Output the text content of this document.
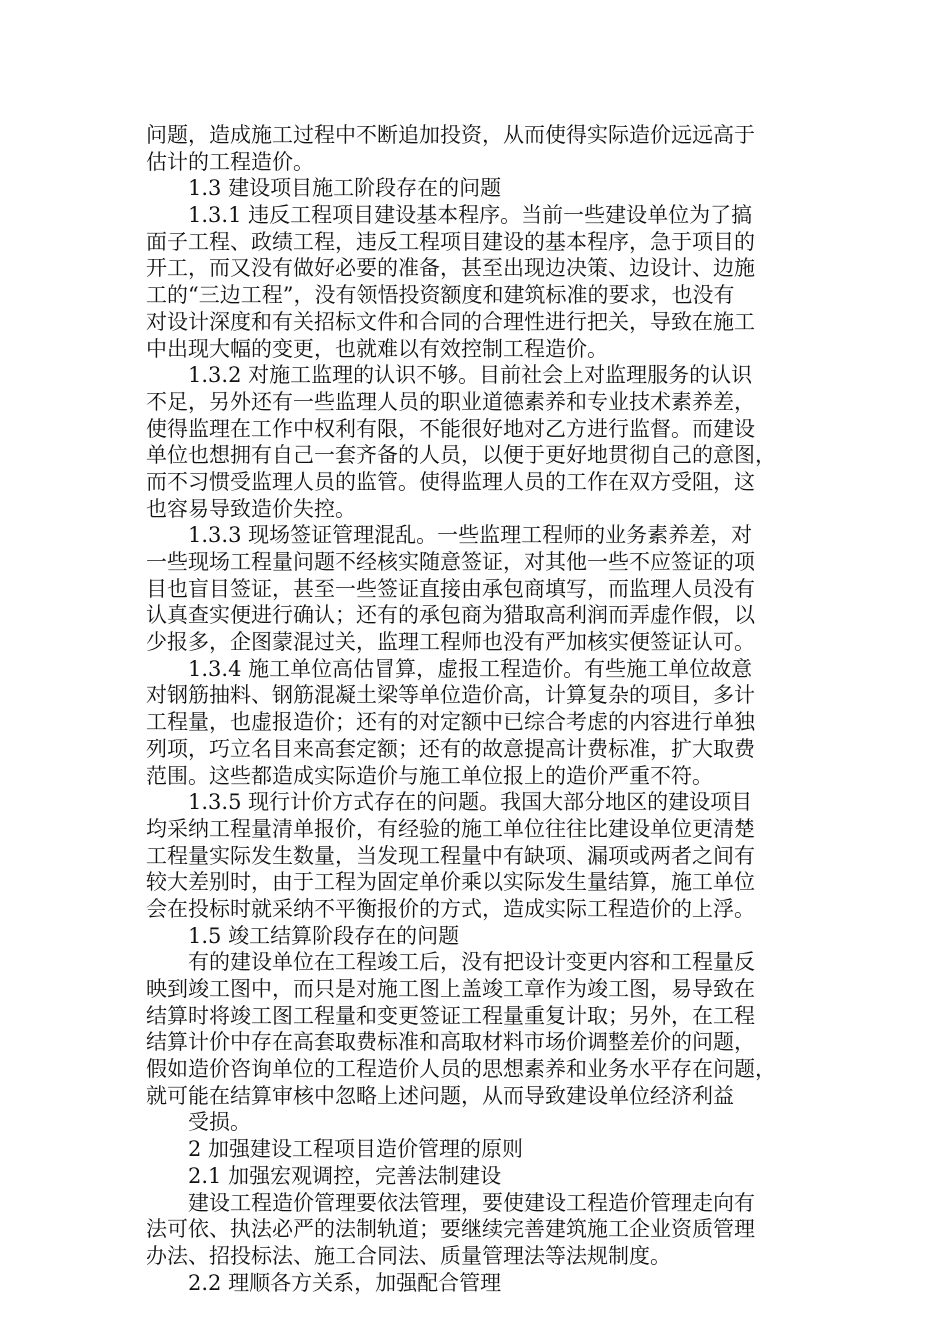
问题，造成施工过程中不断追加投资，从而使得实际造价远远高于
估计的工程造价。
1.3 建设项目施工阶段存在的问题
1.3.1 违反工程项目建设基本程序。当前一些建设单位为了搞
面子工程、政绩工程，违反工程项目建设的基本程序，急于项目的
开工，而又没有做好必要的准备，甚至出现边决策、边设计、边施
工的“三边工程”，没有领悟投资额度和建筑标准的要求，也没有
对设计深度和有关招标文件和合同的合理性进行把关，导致在施工
中出现大幅的变更，也就难以有效控制工程造价。
1.3.2 对施工监理的认识不够。目前社会上对监理服务的认识
不足，另外还有一些监理人员的职业道德素养和专业技术素养差，
使得监理在工作中权利有限，不能很好地对乙方进行监督。而建设
单位也想拥有自己一套齐备的人员，以便于更好地贯彻自己的意图，
而不习惯受监理人员的监管。使得监理人员的工作在双方受阻，这
也容易导致造价失控。
1.3.3 现场签证管理混乱。一些监理工程师的业务素养差，对
一些现场工程量问题不经核实随意签证，对其他一些不应签证的项
目也盲目签证，甚至一些签证直接由承包商填写，而监理人员没有
认真查实便进行确认；还有的承包商为猎取高利润而弄虚作假，以
少报多，企图蒙混过关，监理工程师也没有严加核实便签证认可。
1.3.4 施工单位高估冒算，虚报工程造价。有些施工单位故意
对钢筋抽料、钢筋混凝土梁等单位造价高，计算复杂的项目，多计
工程量，也虚报造价；还有的对定额中已综合考虑的内容进行单独
列项，巧立名目来高套定额；还有的故意提高计费标准，扩大取费
范围。这些都造成实际造价与施工单位报上的造价严重不符。
1.3.5 现行计价方式存在的问题。我国大部分地区的建设项目
均采纳工程量清单报价，有经验的施工单位往往比建设单位更清楚
工程量实际发生数量，当发现工程量中有缺项、漏项或两者之间有
较大差别时，由于工程为固定单价乘以实际发生量结算，施工单位
会在投标时就采纳不平衡报价的方式，造成实际工程造价的上浮。
1.5 竣工结算阶段存在的问题
有的建设单位在工程竣工后，没有把设计变更内容和工程量反
映到竣工图中，而只是对施工图上盖竣工章作为竣工图，易导致在
结算时将竣工图工程量和变更签证工程量重复计取；另外，在工程
结算计价中存在高套取费标准和高取材料市场价调整差价的问题，
假如造价咨询单位的工程造价人员的思想素养和业务水平存在问题，
就可能在结算审核中忽略上述问题，从而导致建设单位经济利益
受损。
2 加强建设工程项目造价管理的原则
2.1 加强宏观调控，完善法制建设
建设工程造价管理要依法管理，要使建设工程造价管理走向有
法可依、执法必严的法制轨道；要继续完善建筑施工企业资质管理
办法、招投标法、施工合同法、质量管理法等法规制度。
2.2 理顺各方关系，加强配合管理
